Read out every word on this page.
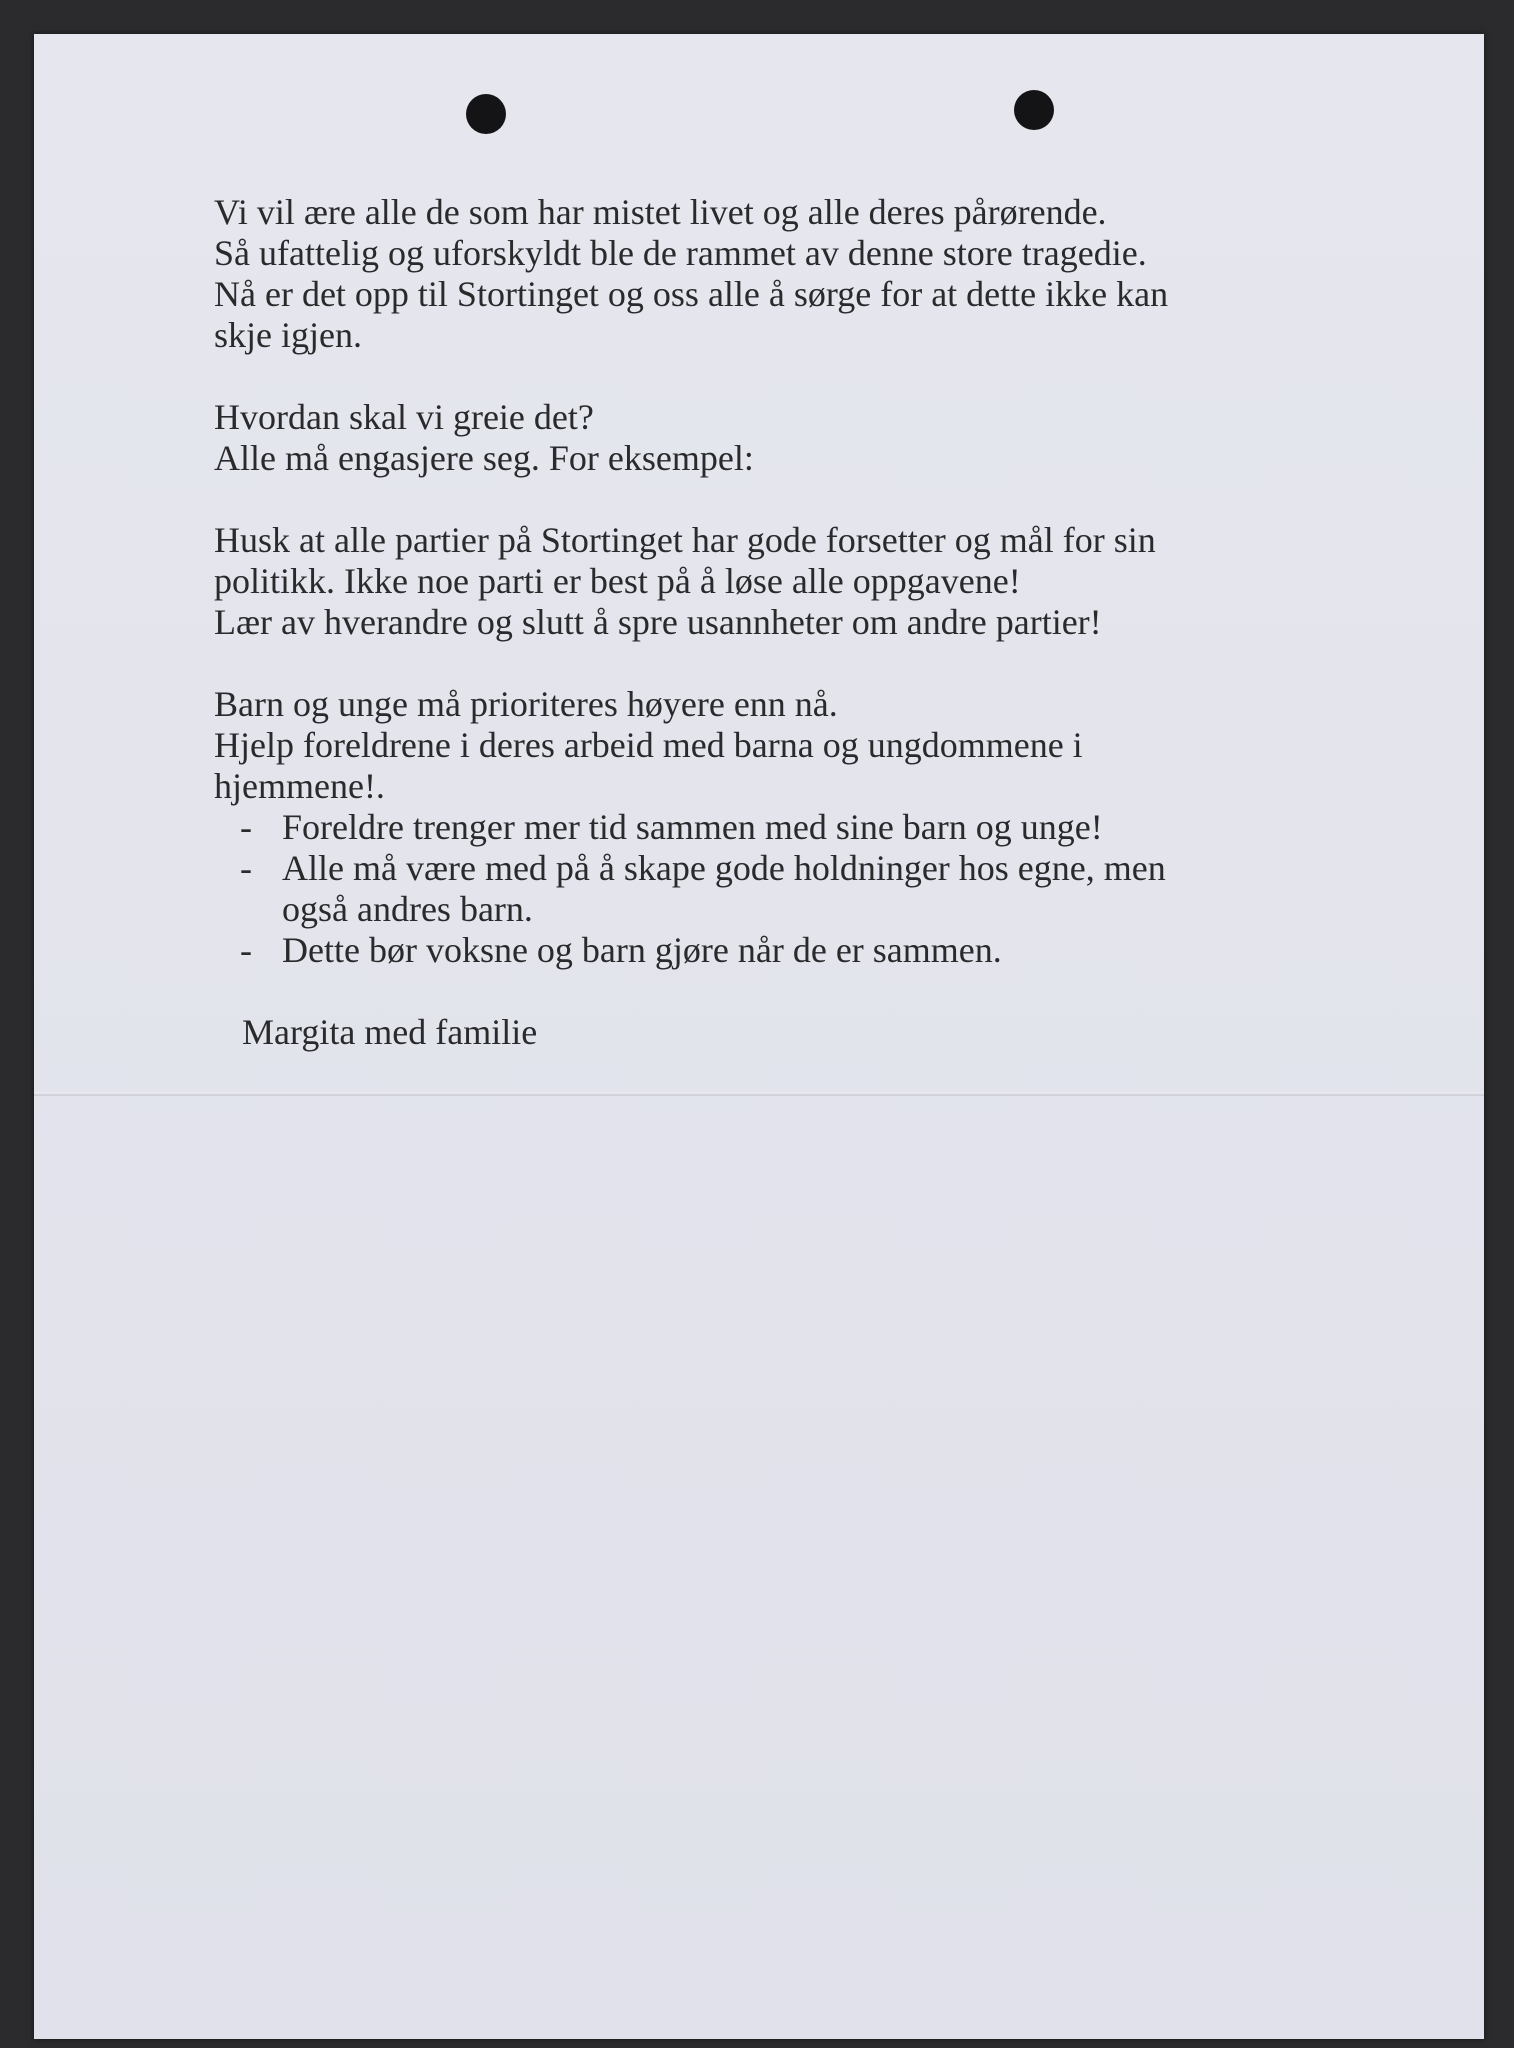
Vi vil ære alle de som har mistet livet og alle deres pårørende.
Så ufattelig og uforskyldt ble de rammet av denne store tragedie.
Nå er det opp til Stortinget og oss alle å sørge for at dette ikke kan
skje igjen.

Hvordan skal vi greie det?
Alle må engasjere seg. For eksempel:

Husk at alle partier på Stortinget har gode forsetter og mål for sin
politikk. Ikke noe parti er best på å løse alle oppgavene!
Lær av hverandre og slutt å spre usannheter om andre partier!

Barn og unge må prioriteres høyere enn nå.
Hjelp foreldrene i deres arbeid med barna og ungdommene i
hjemmene!.

- Foreldre trenger mer tid sammen med sine barn og unge!
- Alle må være med på å skape gode holdninger hos egne, men
også andres barn.
- Dette bør voksne og barn gjøre når de er sammen.
Margita med familie
